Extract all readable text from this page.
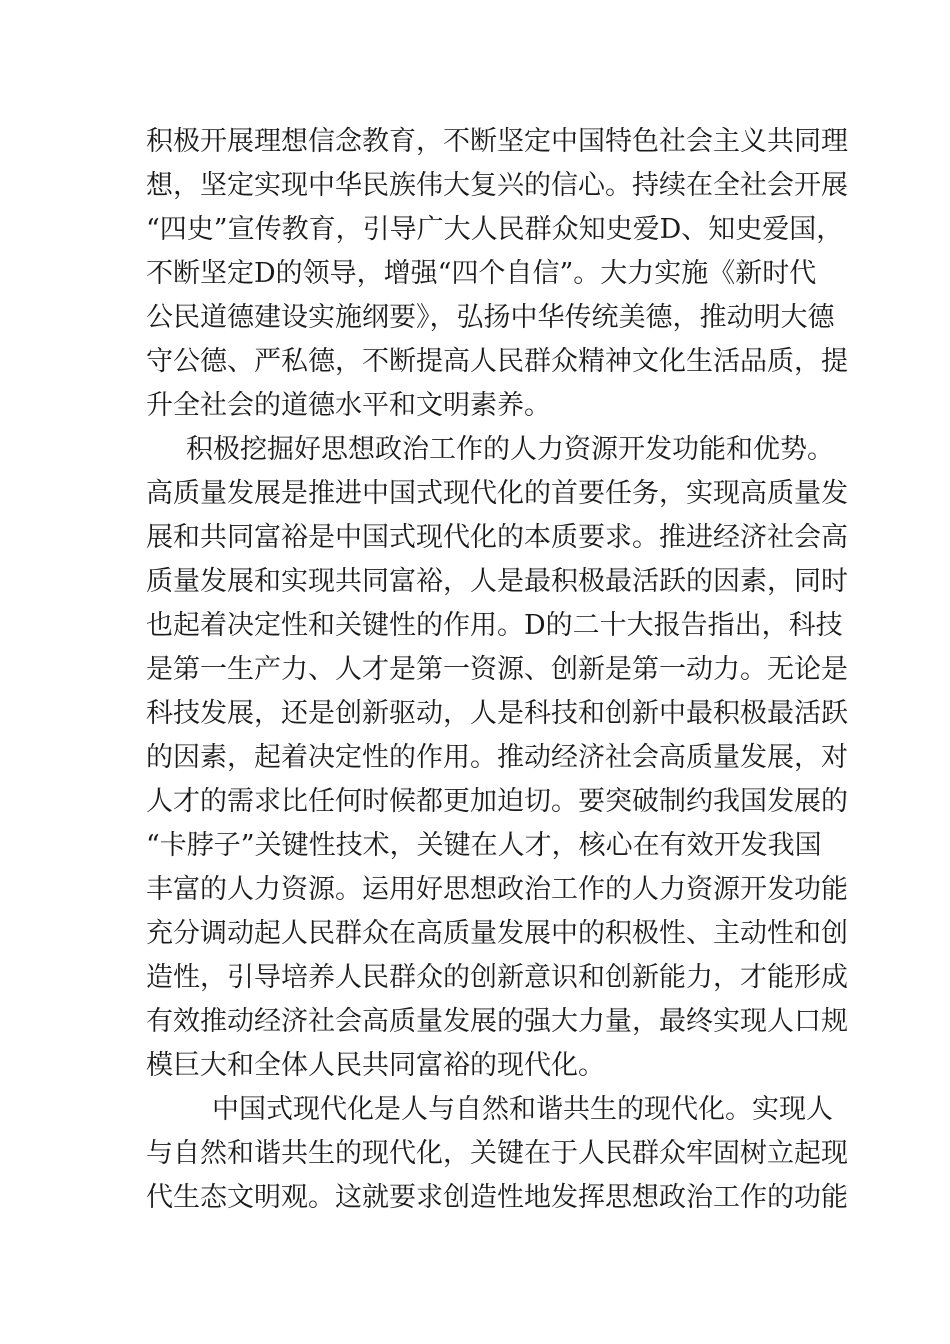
积极开展理想信念教育，不断坚定中国特色社会主义共同理
想，坚定实现中华民族伟大复兴的信心。持续在全社会开展
“四史”宣传教育，引导广大人民群众知史爱D、知史爱国，
不断坚定D的领导，增强“四个自信”。大力实施《新时代
公民道德建设实施纲要》，弘扬中华传统美德，推动明大德
守公德、严私德，不断提高人民群众精神文化生活品质，提
升全社会的道德水平和文明素养。
积极挖掘好思想政治工作的人力资源开发功能和优势。
高质量发展是推进中国式现代化的首要任务，实现高质量发
展和共同富裕是中国式现代化的本质要求。推进经济社会高
质量发展和实现共同富裕，人是最积极最活跃的因素，同时
也起着决定性和关键性的作用。D的二十大报告指出，科技
是第一生产力、人才是第一资源、创新是第一动力。无论是
科技发展，还是创新驱动，人是科技和创新中最积极最活跃
的因素，起着决定性的作用。推动经济社会高质量发展，对
人才的需求比任何时候都更加迫切。要突破制约我国发展的
“卡脖子”关键性技术，关键在人才，核心在有效开发我国
丰富的人力资源。运用好思想政治工作的人力资源开发功能
充分调动起人民群众在高质量发展中的积极性、主动性和创
造性，引导培养人民群众的创新意识和创新能力，才能形成
有效推动经济社会高质量发展的强大力量，最终实现人口规
模巨大和全体人民共同富裕的现代化。
中国式现代化是人与自然和谐共生的现代化。实现人
与自然和谐共生的现代化，关键在于人民群众牢固树立起现
代生态文明观。这就要求创造性地发挥思想政治工作的功能
